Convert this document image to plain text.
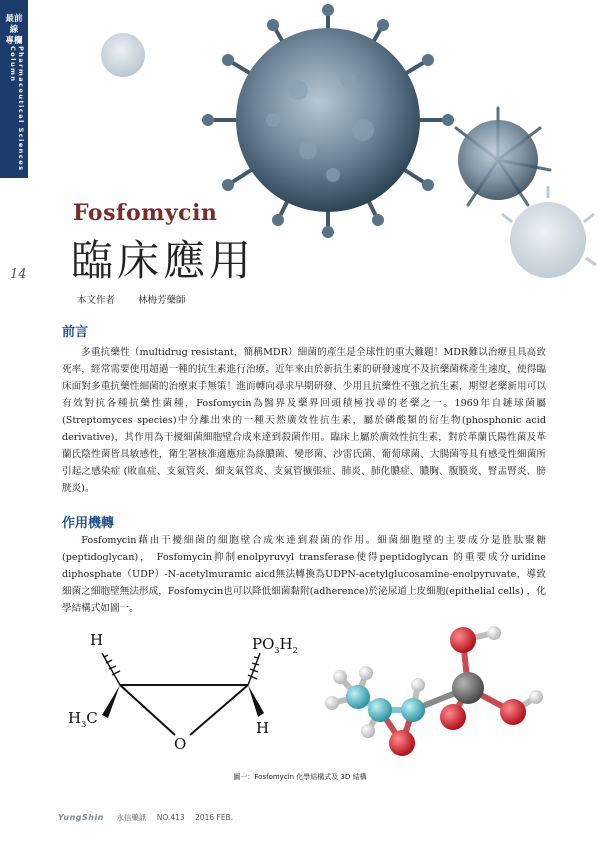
最前線
專欄
Pharmaceutical Sciences Column
14
Fosfomycin
臨床應用
本文作者 林梅芳藥師
前言

多重抗藥性（multidrug resistant，簡稱MDR）細菌的產生是全球性的重大難題！MDR難以治療且具高致死率，經常需要使用超過一種的抗生素進行治療。近年來由於新抗生素的研發速度不及抗藥菌株產生速度，使得臨床面對多重抗藥性細菌的治療束手無策！進而轉向尋求早期研發、少用且抗藥性不強之抗生素，期望老藥新用可以有效對抗各種抗藥性菌種，Fosfomycin為醫界及藥界回頭積極找尋的老藥之一。1969年自鏈球菌屬(Streptomyces species)中分離出來的一種天然廣效性抗生素，屬於磷酸類的衍生物(phosphonic acid derivative)，其作用為干擾細菌細胞壁合成來達到殺菌作用。臨床上屬於廣效性抗生素，對於革蘭氏陽性菌及革蘭氏陰性菌皆具敏感性，衛生署核准適應症為綠膿菌、變形菌、沙雷氏菌、葡萄球菌、大腸菌等具有感受性細菌所引起之感染症 (敗血症、支氣管炎、細支氣管炎、支氣管擴張症、肺炎、肺化膿症、膿胸、腹膜炎、腎盂腎炎、膀胱炎)。

作用機轉

Fosfomycin藉由干擾細菌的細胞壁合成來達到殺菌的作用。細菌細胞壁的主要成分是胜肽聚糖 (peptidoglycan)， Fosfomycin抑制enolpyruvyl transferase使得peptidoglycan 的重要成分uridine diphosphate（UDP）-N-acetylmuramic aicd無法轉換為UDPN-acetylglucosamine-enolpyruvate，導致細菌之細胞壁無法形成，Fosfomycin也可以降低細菌黏附(adherence)於泌尿道上皮細胞(epithelial cells) ，化學結構式如圖一。

H	$PO_3H_2$
$H_3C$
O
H
圖一：Fosfomycin 化學結構式及 3D 結構
YungShin 永信藥訊 NO.413 2016 FEB.
